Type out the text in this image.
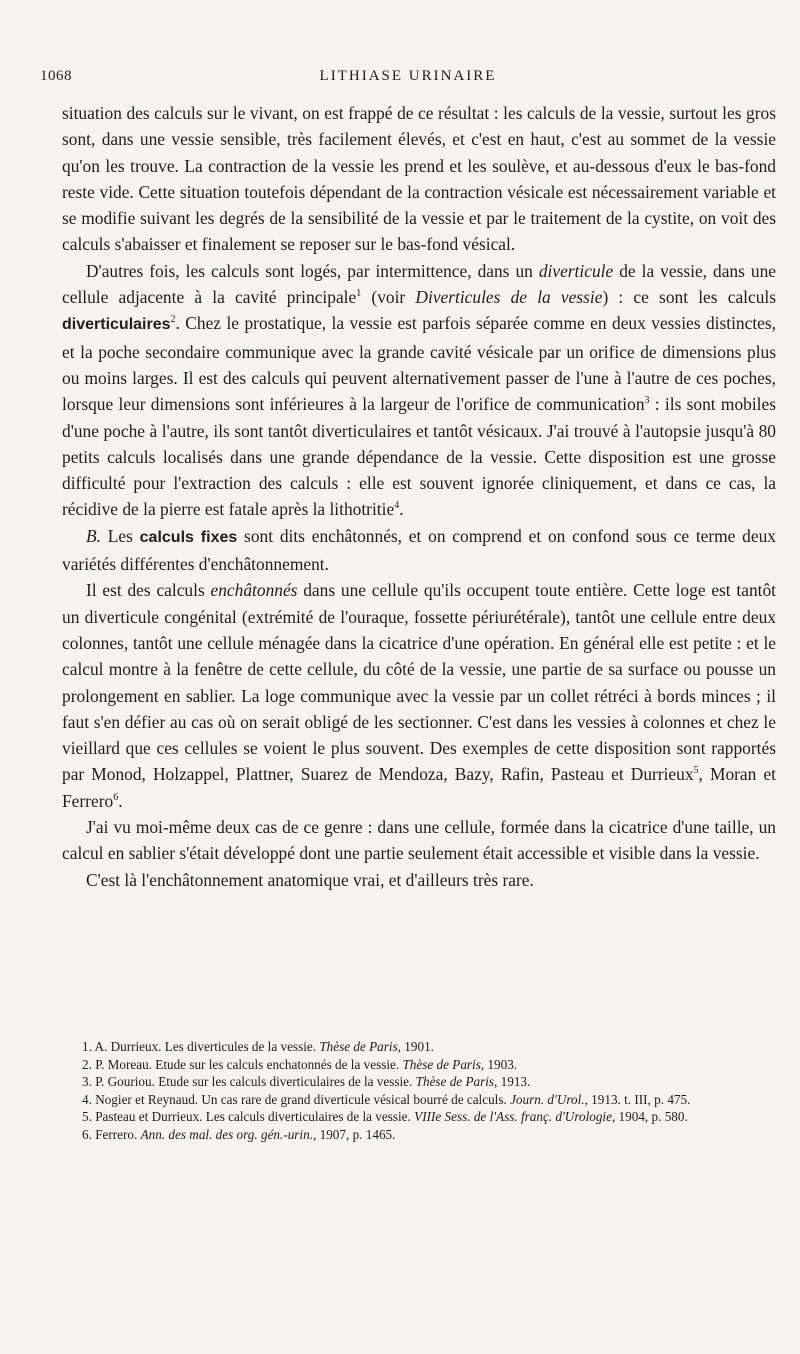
1068	LITHIASE URINAIRE

situation des calculs sur le vivant, on est frappé de ce résultat : les calculs de la vessie, surtout les gros sont, dans une vessie sensible, très facilement élevés, et c'est en haut, c'est au sommet de la vessie qu'on les trouve. La contraction de la vessie les prend et les soulève, et au-dessous d'eux le bas-fond reste vide. Cette situation toutefois dépendant de la contraction vésicale est nécessairement variable et se modifie suivant les degrés de la sensibilité de la vessie et par le traitement de la cystite, on voit des calculs s'abaisser et finalement se reposer sur le bas-fond vésical.

D'autres fois, les calculs sont logés, par intermittence, dans un diverticule de la vessie, dans une cellule adjacente à la cavité principale$^1$ (voir Diverticules de la vessie) : ce sont les calculs diverticulaires$^2$. Chez le prostatique, la vessie est parfois séparée comme en deux vessies distinctes, et la poche secondaire communique avec la grande cavité vésicale par un orifice de dimensions plus ou moins larges. Il est des calculs qui peuvent alternativement passer de l'une à l'autre de ces poches, lorsque leur dimensions sont inférieures à la largeur de l'orifice de communication$^3$ : ils sont mobiles d'une poche à l'autre, ils sont tantôt diverticulaires et tantôt vésicaux. J'ai trouvé à l'autopsie jusqu'à 80 petits calculs localisés dans une grande dépendance de la vessie. Cette disposition est une grosse difficulté pour l'extraction des calculs : elle est souvent ignorée cliniquement, et dans ce cas, la récidive de la pierre est fatale après la lithotritie$^4$.

B. Les calculs fixes sont dits enchâtonnés, et on comprend et on confond sous ce terme deux variétés différentes d'enchâtonnement.

Il est des calculs enchâtonnés dans une cellule qu'ils occupent toute entière. Cette loge est tantôt un diverticule congénital (extrémité de l'ouraque, fossette périurétérale), tantôt une cellule entre deux colonnes, tantôt une cellule ménagée dans la cicatrice d'une opération. En général elle est petite : et le calcul montre à la fenêtre de cette cellule, du côté de la vessie, une partie de sa surface ou pousse un prolongement en sablier. La loge communique avec la vessie par un collet rétréci à bords minces ; il faut s'en défier au cas où on serait obligé de les sectionner. C'est dans les vessies à colonnes et chez le vieillard que ces cellules se voient le plus souvent. Des exemples de cette disposition sont rapportés par Monod, Holzappel, Plattner, Suarez de Mendoza, Bazy, Rafin, Pasteau et Durrieux$^5$, Moran et Ferrero$^6$.

J'ai vu moi-même deux cas de ce genre : dans une cellule, formée dans la cicatrice d'une taille, un calcul en sablier s'était développé dont une partie seulement était accessible et visible dans la vessie.

C'est là l'enchâtonnement anatomique vrai, et d'ailleurs très rare.

1. A. Durrieux. Les diverticules de la vessie. Thèse de Paris, 1901.

2. P. Moreau. Etude sur les calculs enchatonnés de la vessie. Thèse de Paris, 1903.

3. P. Gouriou. Etude sur les calculs diverticulaires de la vessie. Thèse de Paris, 1913.

4. Nogier et Reynaud. Un cas rare de grand diverticule vésical bourré de calculs. Journ. d'Urol., 1913. t. III, p. 475.

5. Pasteau et Durrieux. Les calculs diverticulaires de la vessie. VIIIe Sess. de l'Ass. franç. d'Urologie, 1904, p. 580.

6. Ferrero. Ann. des mal. des org. gén.-urin., 1907, p. 1465.
